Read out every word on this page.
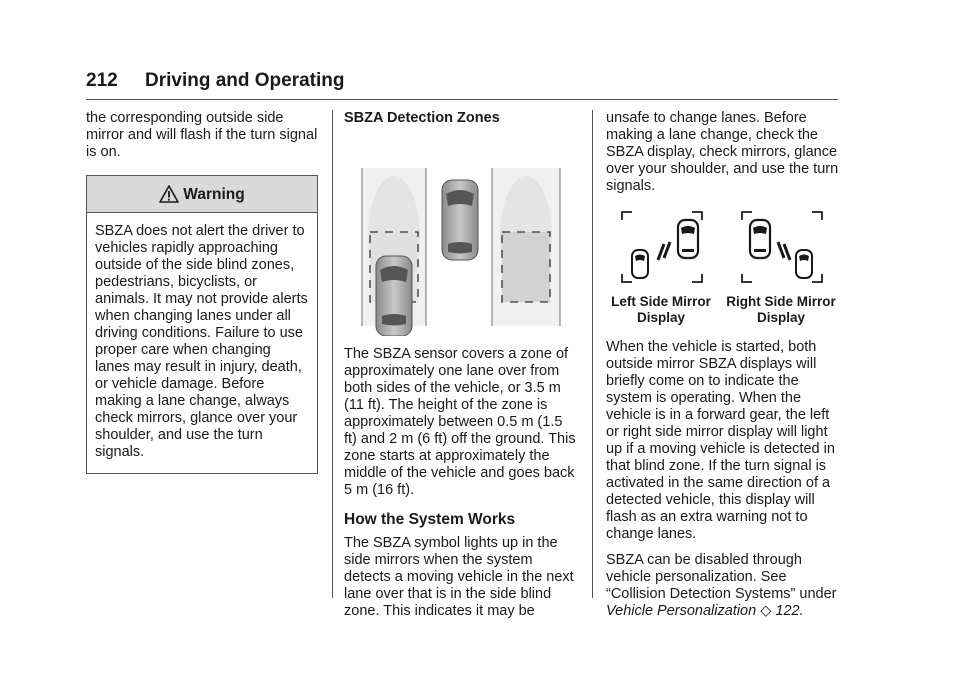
212 Driving and Operating

the corresponding outside side mirror and will flash if the turn signal is on.

Warning
SBZA does not alert the driver to vehicles rapidly approaching outside of the side blind zones, pedestrians, bicyclists, or animals. It may not provide alerts when changing lanes under all driving conditions. Failure to use proper care when changing lanes may result in injury, death, or vehicle damage. Before making a lane change, always check mirrors, glance over your shoulder, and use the turn signals.

SBZA Detection Zones

The SBZA sensor covers a zone of approximately one lane over from both sides of the vehicle, or 3.5 m (11 ft). The height of the zone is approximately between 0.5 m (1.5 ft) and 2 m (6 ft) off the ground. This zone starts at approximately the middle of the vehicle and goes back 5 m (16 ft).

How the System Works

The SBZA symbol lights up in the side mirrors when the system detects a moving vehicle in the next lane over that is in the side blind zone. This indicates it may be

unsafe to change lanes. Before making a lane change, check the SBZA display, check mirrors, glance over your shoulder, and use the turn signals.

Left Side Mirror
Display
Right Side Mirror
Display

When the vehicle is started, both outside mirror SBZA displays will briefly come on to indicate the system is operating. When the vehicle is in a forward gear, the left or right side mirror display will light up if a moving vehicle is detected in that blind zone. If the turn signal is activated in the same direction of a detected vehicle, this display will flash as an extra warning not to change lanes.

SBZA can be disabled through vehicle personalization. See “Collision Detection Systems” under
Vehicle Personalization ◇ 122.
